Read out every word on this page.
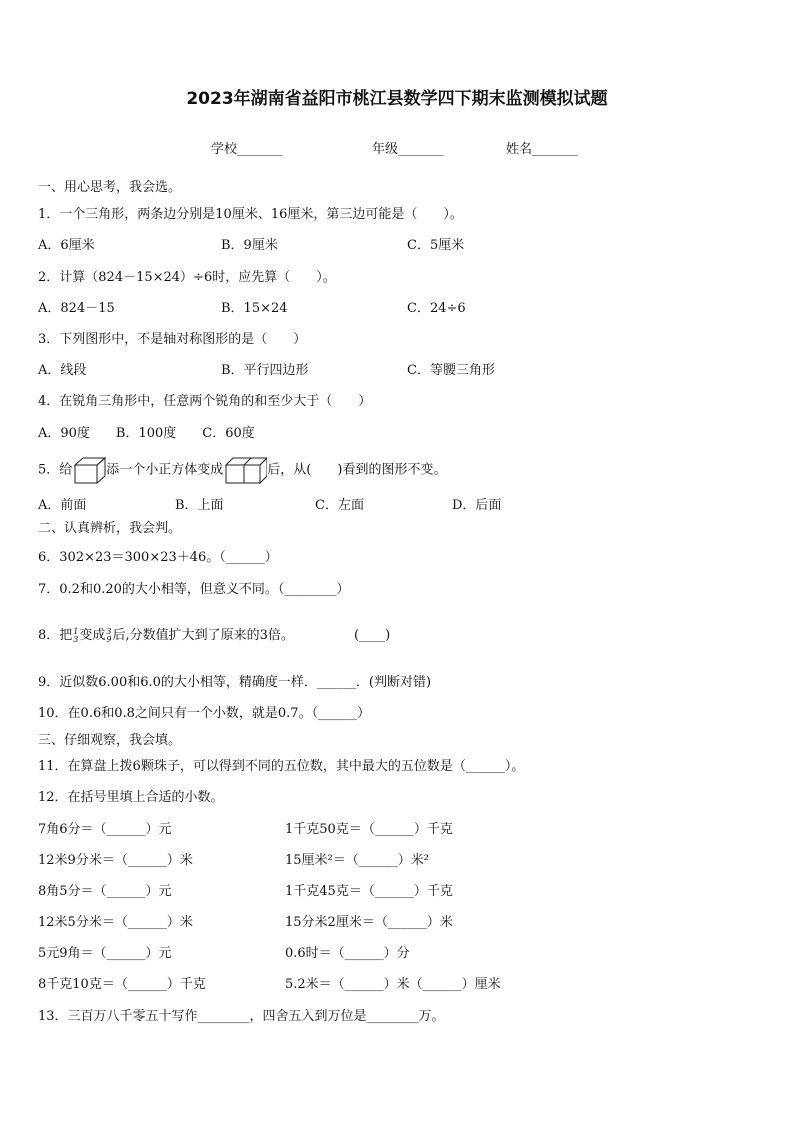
2023年湖南省益阳市桃江县数学四下期末监测模拟试题
学校_______	年级_______	姓名_______
一、用心思考，我会选。
1．一个三角形，两条边分别是10厘米、16厘米，第三边可能是（　　）。
A．6厘米	B．9厘米	C．5厘米
2．计算（824－15×24）÷6时，应先算（　　）。
A．824－15	B．15×24	C．24÷6
3．下列图形中，不是轴对称图形的是（　　）
A．线段	B．平行四边形	C．等腰三角形
4．在锐角三角形中，任意两个锐角的和至少大于（　　）
A．90度　　B．100度　　C．60度
5．给	添一个小正方体变成	后，从(　　)看到的图形不变。
A．前面	B．上面	C．左面	D．后面
二、认真辨析，我会判。
6．302×23＝300×23＋46。（______）
7．0.2和0.20的大小相等，但意义不同。（________）
8．把 1
3 变成 3
9 后,分数值扩大到了原来的3倍。	(____)
9．近似数6.00和6.0的大小相等，精确度一样．______．(判断对错)
10．在0.6和0.8之间只有一个小数，就是0.7。（______）
三、仔细观察，我会填。
11．在算盘上拨6颗珠子，可以得到不同的五位数，其中最大的五位数是（______）。
12．在括号里填上合适的小数。
7角6分＝（______）元	1千克50克＝（______）千克
12米9分米＝（______）米	15厘米²＝（______）米²
8角5分＝（______）元	1千克45克＝（______）千克
12米5分米＝（______）米	15分米2厘米＝（______）米
5元9角＝（______）元	0.6时＝（______）分
8千克10克＝（______）千克	5.2米＝（______）米（______）厘米
13．三百万八千零五十写作________，四舍五入到万位是________万。
